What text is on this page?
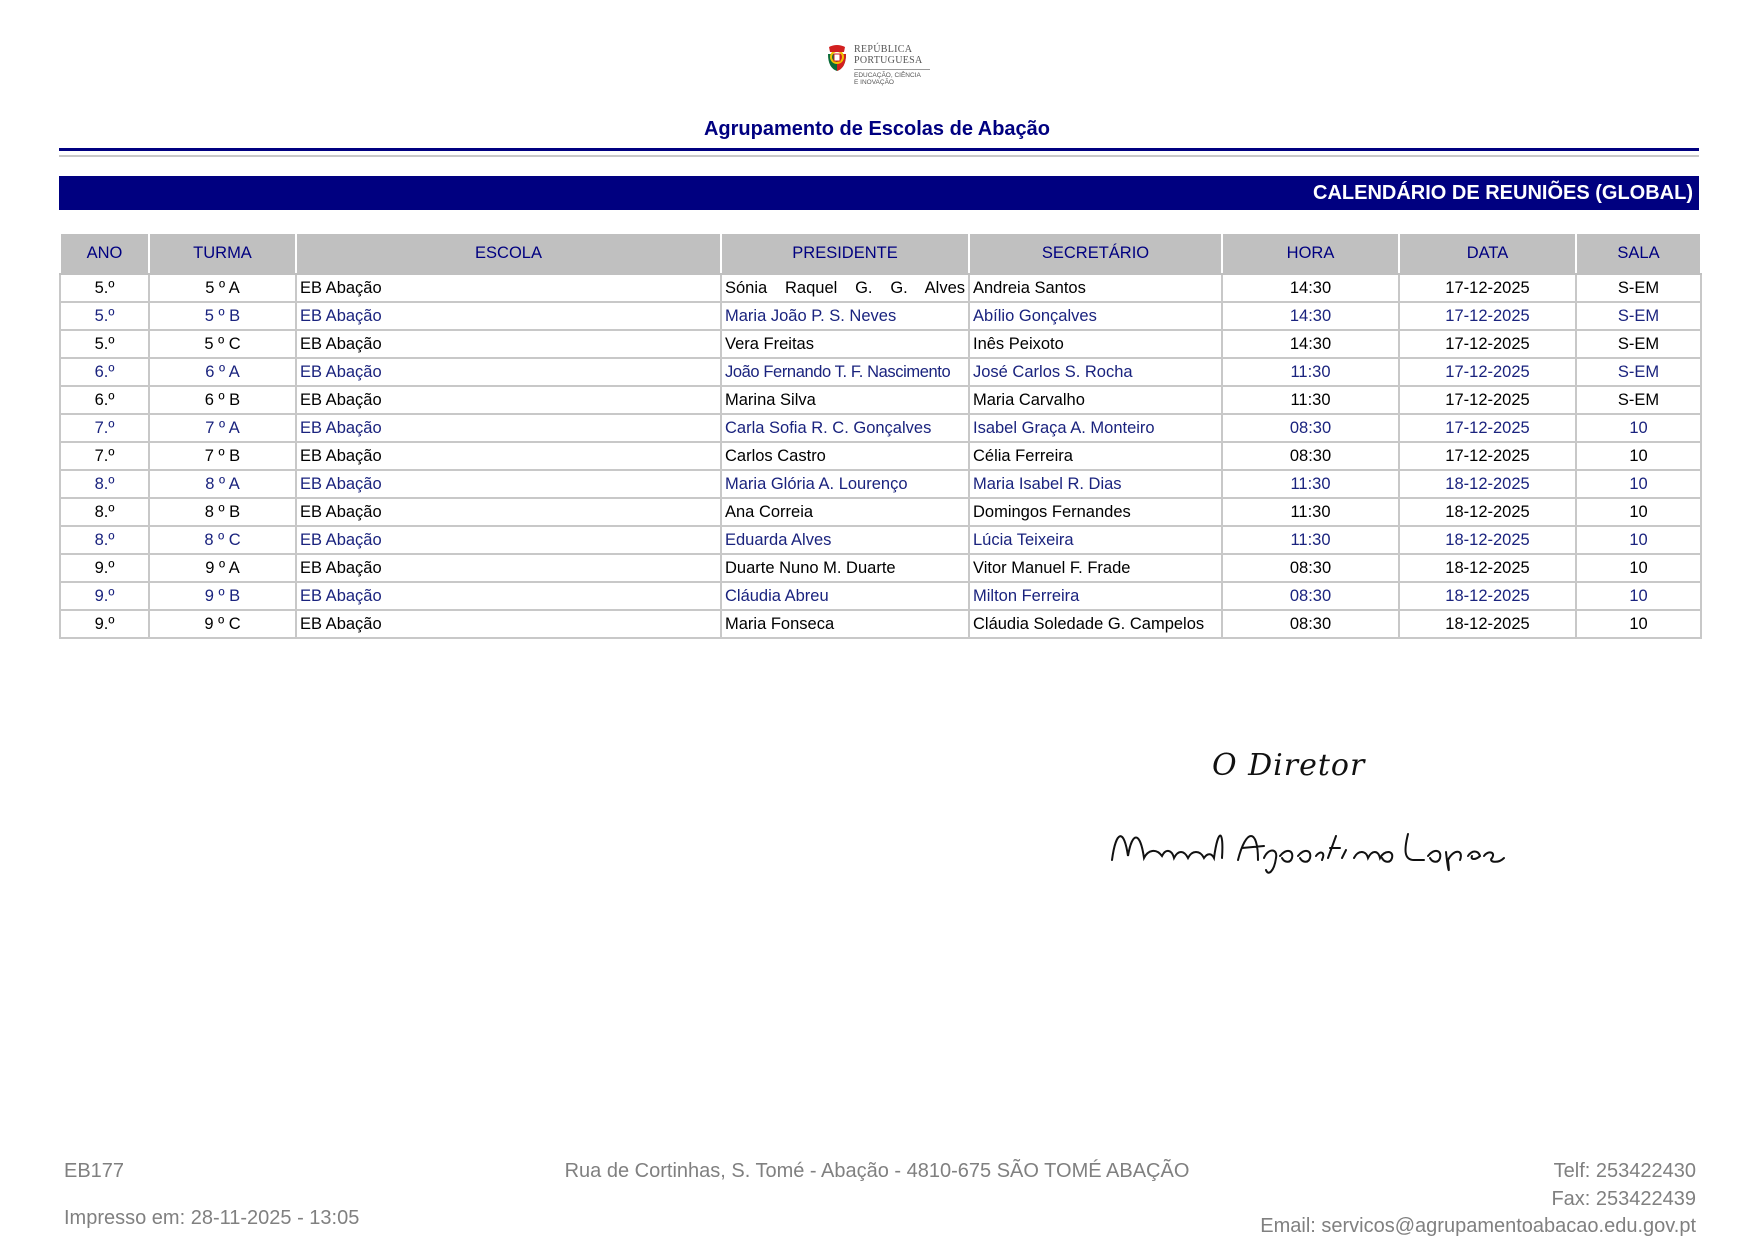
REPÚBLICA
PORTUGUESA
EDUCAÇÃO, CIÊNCIA
E INOVAÇÃO
Agrupamento de Escolas de Abação
CALENDÁRIO DE REUNIÕES (GLOBAL)
ANO	TURMA	ESCOLA	PRESIDENTE	SECRETÁRIO	HORA	DATA	SALA
5.º	5 º A	EB Abação	Sónia Raquel G. G. Alves	Andreia Santos	14:30	17-12-2025	S-EM
5.º	5 º B	EB Abação	Maria João P. S. Neves	Abílio Gonçalves	14:30	17-12-2025	S-EM
5.º	5 º C	EB Abação	Vera Freitas	Inês Peixoto	14:30	17-12-2025	S-EM
6.º	6 º A	EB Abação	João Fernando T. F. Nascimento	José Carlos S. Rocha	11:30	17-12-2025	S-EM
6.º	6 º B	EB Abação	Marina Silva	Maria Carvalho	11:30	17-12-2025	S-EM
7.º	7 º A	EB Abação	Carla Sofia R. C. Gonçalves	Isabel Graça A. Monteiro	08:30	17-12-2025	10
7.º	7 º B	EB Abação	Carlos Castro	Célia Ferreira	08:30	17-12-2025	10
8.º	8 º A	EB Abação	Maria Glória A. Lourenço	Maria Isabel R. Dias	11:30	18-12-2025	10
8.º	8 º B	EB Abação	Ana Correia	Domingos Fernandes	11:30	18-12-2025	10
8.º	8 º C	EB Abação	Eduarda Alves	Lúcia Teixeira	11:30	18-12-2025	10
9.º	9 º A	EB Abação	Duarte Nuno M. Duarte	Vitor Manuel F. Frade	08:30	18-12-2025	10
9.º	9 º B	EB Abação	Cláudia Abreu	Milton Ferreira	08:30	18-12-2025	10
9.º	9 º C	EB Abação	Maria Fonseca	Cláudia Soledade G. Campelos	08:30	18-12-2025	10
O Diretor
EB177	Rua de Cortinhas, S. Tomé - Abação - 4810-675 SÃO TOMÉ ABAÇÃO	Telf: 253422430
Fax: 253422439
Email: servicos@agrupamentoabacao.edu.gov.pt
Impresso em: 28-11-2025 - 13:05
